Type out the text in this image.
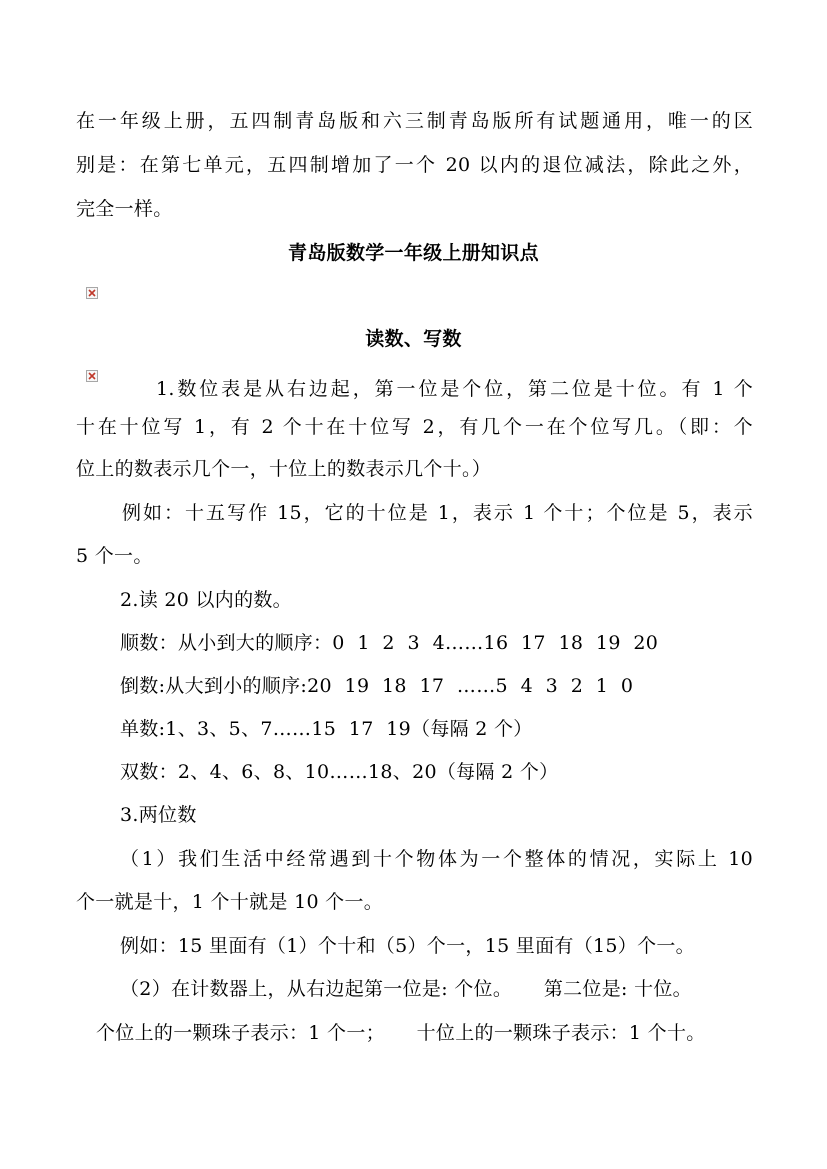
在一年级上册，五四制青岛版和六三制青岛版所有试题通用，唯一的区
别是：在第七单元，五四制增加了一个 20 以内的退位减法，除此之外，
完全一样。
青岛版数学一年级上册知识点
读数、写数
1.数位表是从右边起，第一位是个位，第二位是十位。有 1 个
十在十位写 1，有 2 个十在十位写 2，有几个一在个位写几。（即：个
位上的数表示几个一，十位上的数表示几个十。）
例如：十五写作 15，它的十位是 1，表示 1 个十；个位是 5，表示
5 个一。
2.读 20 以内的数。
顺数：从小到大的顺序：0  1  2  3  4……16  17  18  19  20
倒数:从大到小的顺序:20  19  18  17  ……5  4  3  2  1  0
单数:1、3、5、7……15  17  19（每隔 2 个）
双数：2、4、6、8、10……18、20（每隔 2 个）
3.两位数
（1）我们生活中经常遇到十个物体为一个整体的情况，实际上 10
个一就是十，1 个十就是 10 个一。
例如：15 里面有（1）个十和（5）个一，15 里面有（15）个一。
（2）在计数器上，从右边起第一位是: 个位。     第二位是: 十位。
个位上的一颗珠子表示：1 个一；     十位上的一颗珠子表示：1 个十。
